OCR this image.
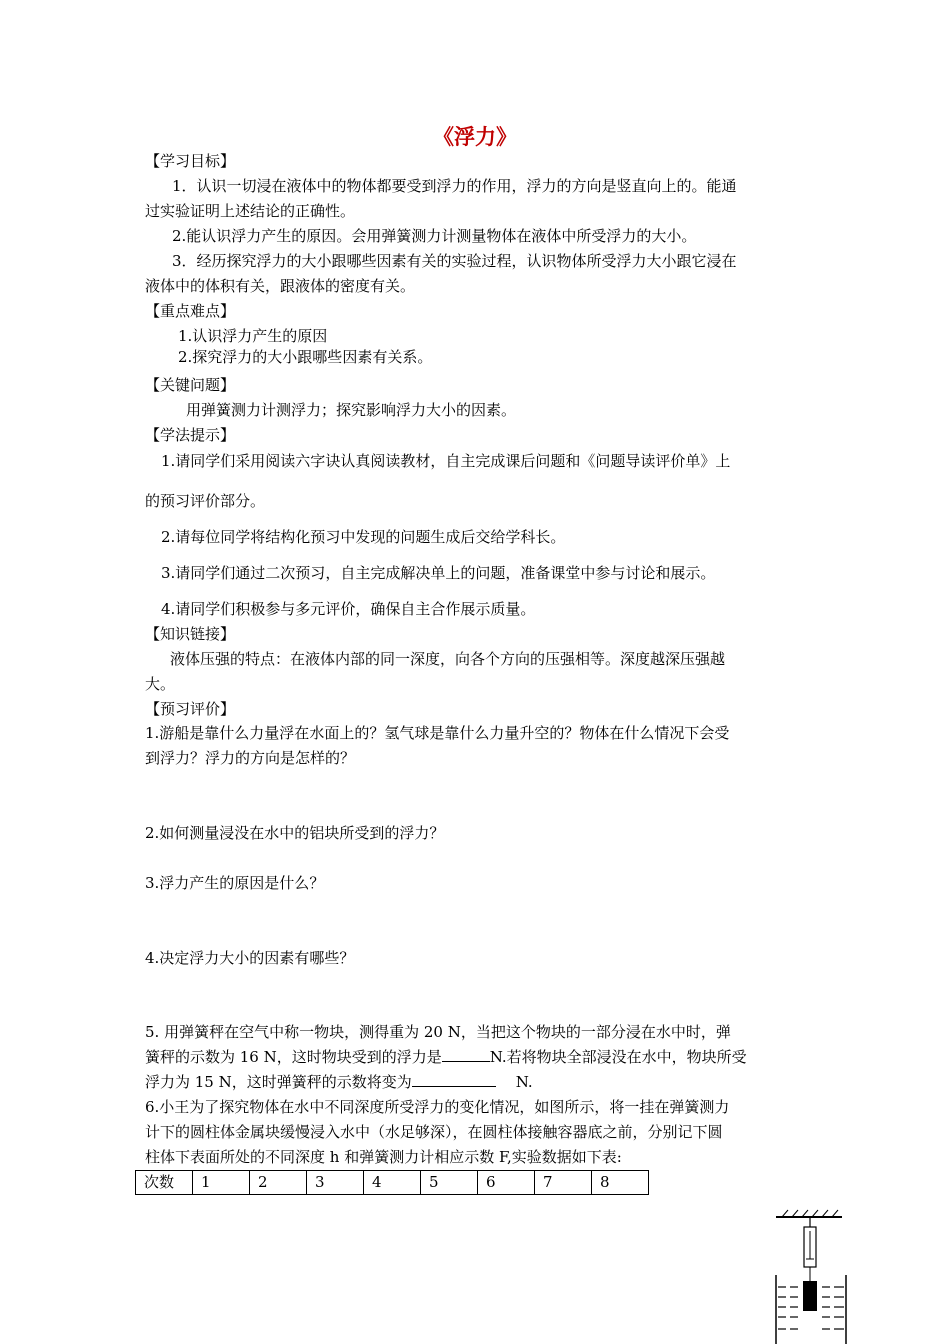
《浮力》
【学习目标】
1．认识一切浸在液体中的物体都要受到浮力的作用，浮力的方向是竖直向上的。能通
过实验证明上述结论的正确性。
2.能认识浮力产生的原因。会用弹簧测力计测量物体在液体中所受浮力的大小。
3．经历探究浮力的大小跟哪些因素有关的实验过程，认识物体所受浮力大小跟它浸在
液体中的体积有关，跟液体的密度有关。
【重点难点】
1.认识浮力产生的原因
2.探究浮力的大小跟哪些因素有关系。
【关键问题】
用弹簧测力计测浮力；探究影响浮力大小的因素。
【学法提示】
1.请同学们采用阅读六字诀认真阅读教材，自主完成课后问题和《问题导读评价单》上
的预习评价部分。
2.请每位同学将结构化预习中发现的问题生成后交给学科长。
3.请同学们通过二次预习，自主完成解决单上的问题，准备课堂中参与讨论和展示。
4.请同学们积极参与多元评价，确保自主合作展示质量。
【知识链接】
液体压强的特点：在液体内部的同一深度，向各个方向的压强相等。深度越深压强越
大。
【预习评价】
1.游船是靠什么力量浮在水面上的？氢气球是靠什么力量升空的？物体在什么情况下会受
到浮力？浮力的方向是怎样的？
2.如何测量浸没在水中的铝块所受到的浮力？
3.浮力产生的原因是什么？
4.决定浮力大小的因素有哪些？
5. 用弹簧秤在空气中称一物块，测得重为 20 N，当把这个物块的一部分浸在水中时，弹
簧秤的示数为 16 N，这时物块受到的浮力是	N.若将物块全部浸没在水中，物块所受
浮力为 15 N，这时弹簧秤的示数将变为	N.
6.小王为了探究物体在水中不同深度所受浮力的变化情况，如图所示，将一挂在弹簧测力
计下的圆柱体金属块缓慢浸入水中（水足够深），在圆柱体接触容器底之前，分别记下圆
柱体下表面所处的不同深度 h 和弹簧测力计相应示数 F,实验数据如下表:
次数	1	2	3	4	5	6	7	8
